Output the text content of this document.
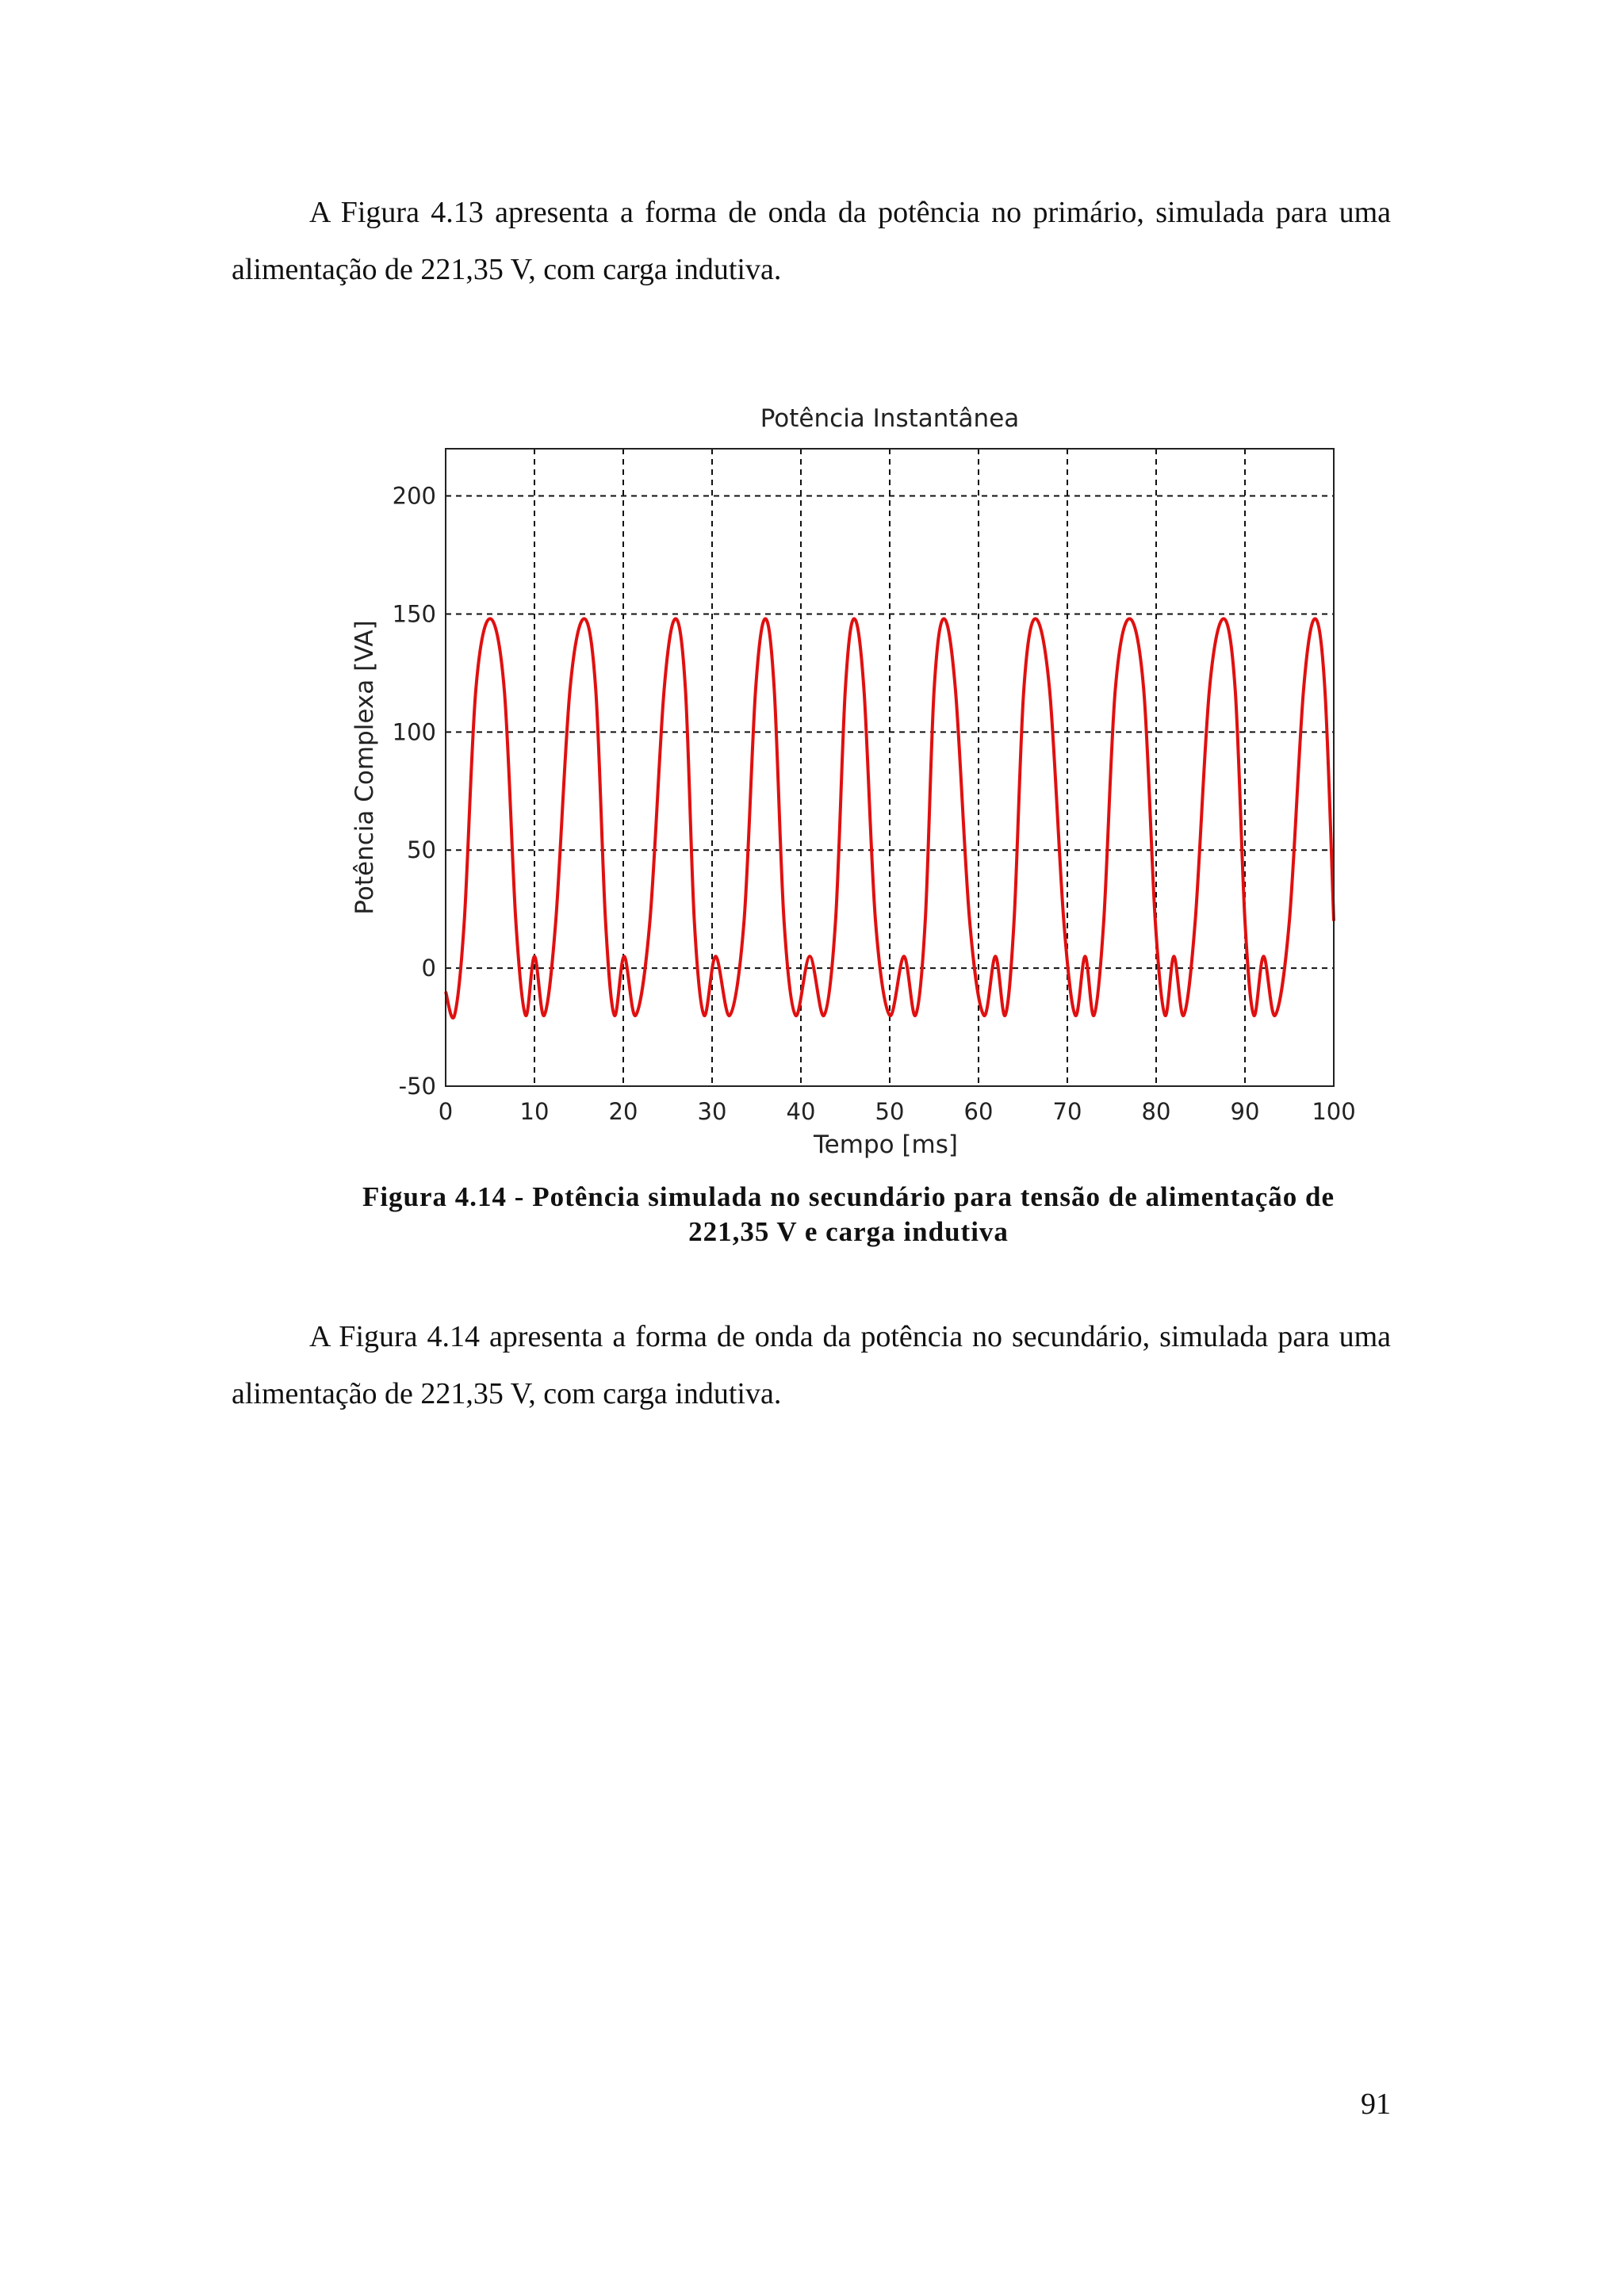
A Figura 4.13 apresenta a forma de onda da potência no primário, simulada para uma alimentação de 221,35 V, com carga indutiva.

0	10	20	30	40	50	60	70	80	90 100
-50
0
50
100
150
200
Potência Instantânea
Tempo [ms]
Potência Complexa [VA]

Figura 4.14 - Potência simulada no secundário para tensão de alimentação de
221,35 V e carga indutiva

A Figura 4.14 apresenta a forma de onda da potência no secundário, simulada para uma alimentação de 221,35 V, com carga indutiva.

91
